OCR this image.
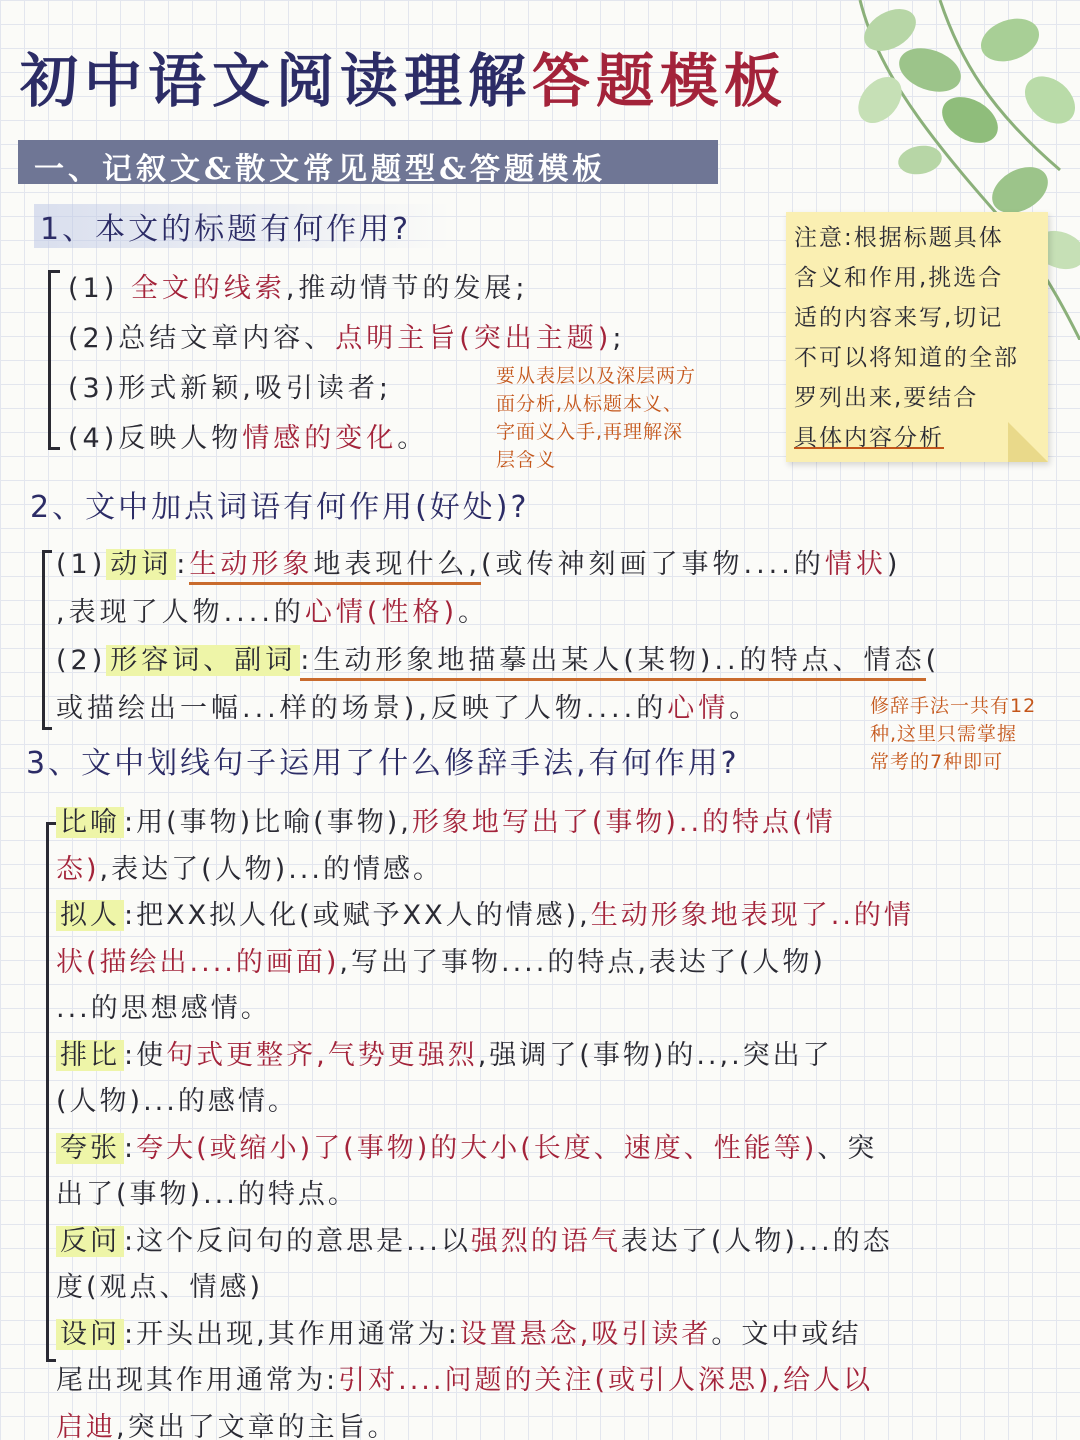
初中语文阅读理解答题模板
一、记叙文&散文常见题型&答题模板
1、本文的标题有何作用?
(1) 全文的线索,推动情节的发展;
(2)总结文章内容、点明主旨(突出主题);
(3)形式新颖,吸引读者;
(4)反映人物情感的变化。
要从表层以及深层两方
面分析,从标题本义、
字面义入手,再理解深
层含义
注意:根据标题具体
含义和作用,挑选合
适的内容来写,切记
不可以将知道的全部
罗列出来,要结合
具体内容分析
2、文中加点词语有何作用(好处)?
(1) 动词 :生动形象地表现什么,(或传神刻画了事物....的情状)
,表现了人物....的心情(性格)。
(2) 形容词、副词 :生动形象地描摹出某人(某物)..的特点、情态(
或描绘出一幅...样的场景),反映了人物....的心情。	修辞手法一共有12
种,这里只需掌握
常考的7种即可
3、文中划线句子运用了什么修辞手法,有何作用?
比喻 :用(事物)比喻(事物),形象地写出了(事物)..的特点(情
态),表达了(人物)...的情感。
拟人 :把XX拟人化(或赋予XX人的情感),生动形象地表现了..的情
状(描绘出....的画面),写出了事物....的特点,表达了(人物)
...的思想感情。
排比 :使句式更整齐,气势更强烈,强调了(事物)的..,.突出了
(人物)...的感情。
夸张 :夸大(或缩小)了(事物)的大小(长度、速度、性能等)、突
出了(事物)...的特点。
反问 :这个反问句的意思是...以强烈的语气表达了(人物)...的态
度(观点、情感)
设问 :开头出现,其作用通常为:设置悬念,吸引读者。文中或结
尾出现其作用通常为:引对....问题的关注(或引人深思),给人以
启迪,突出了文章的主旨。
